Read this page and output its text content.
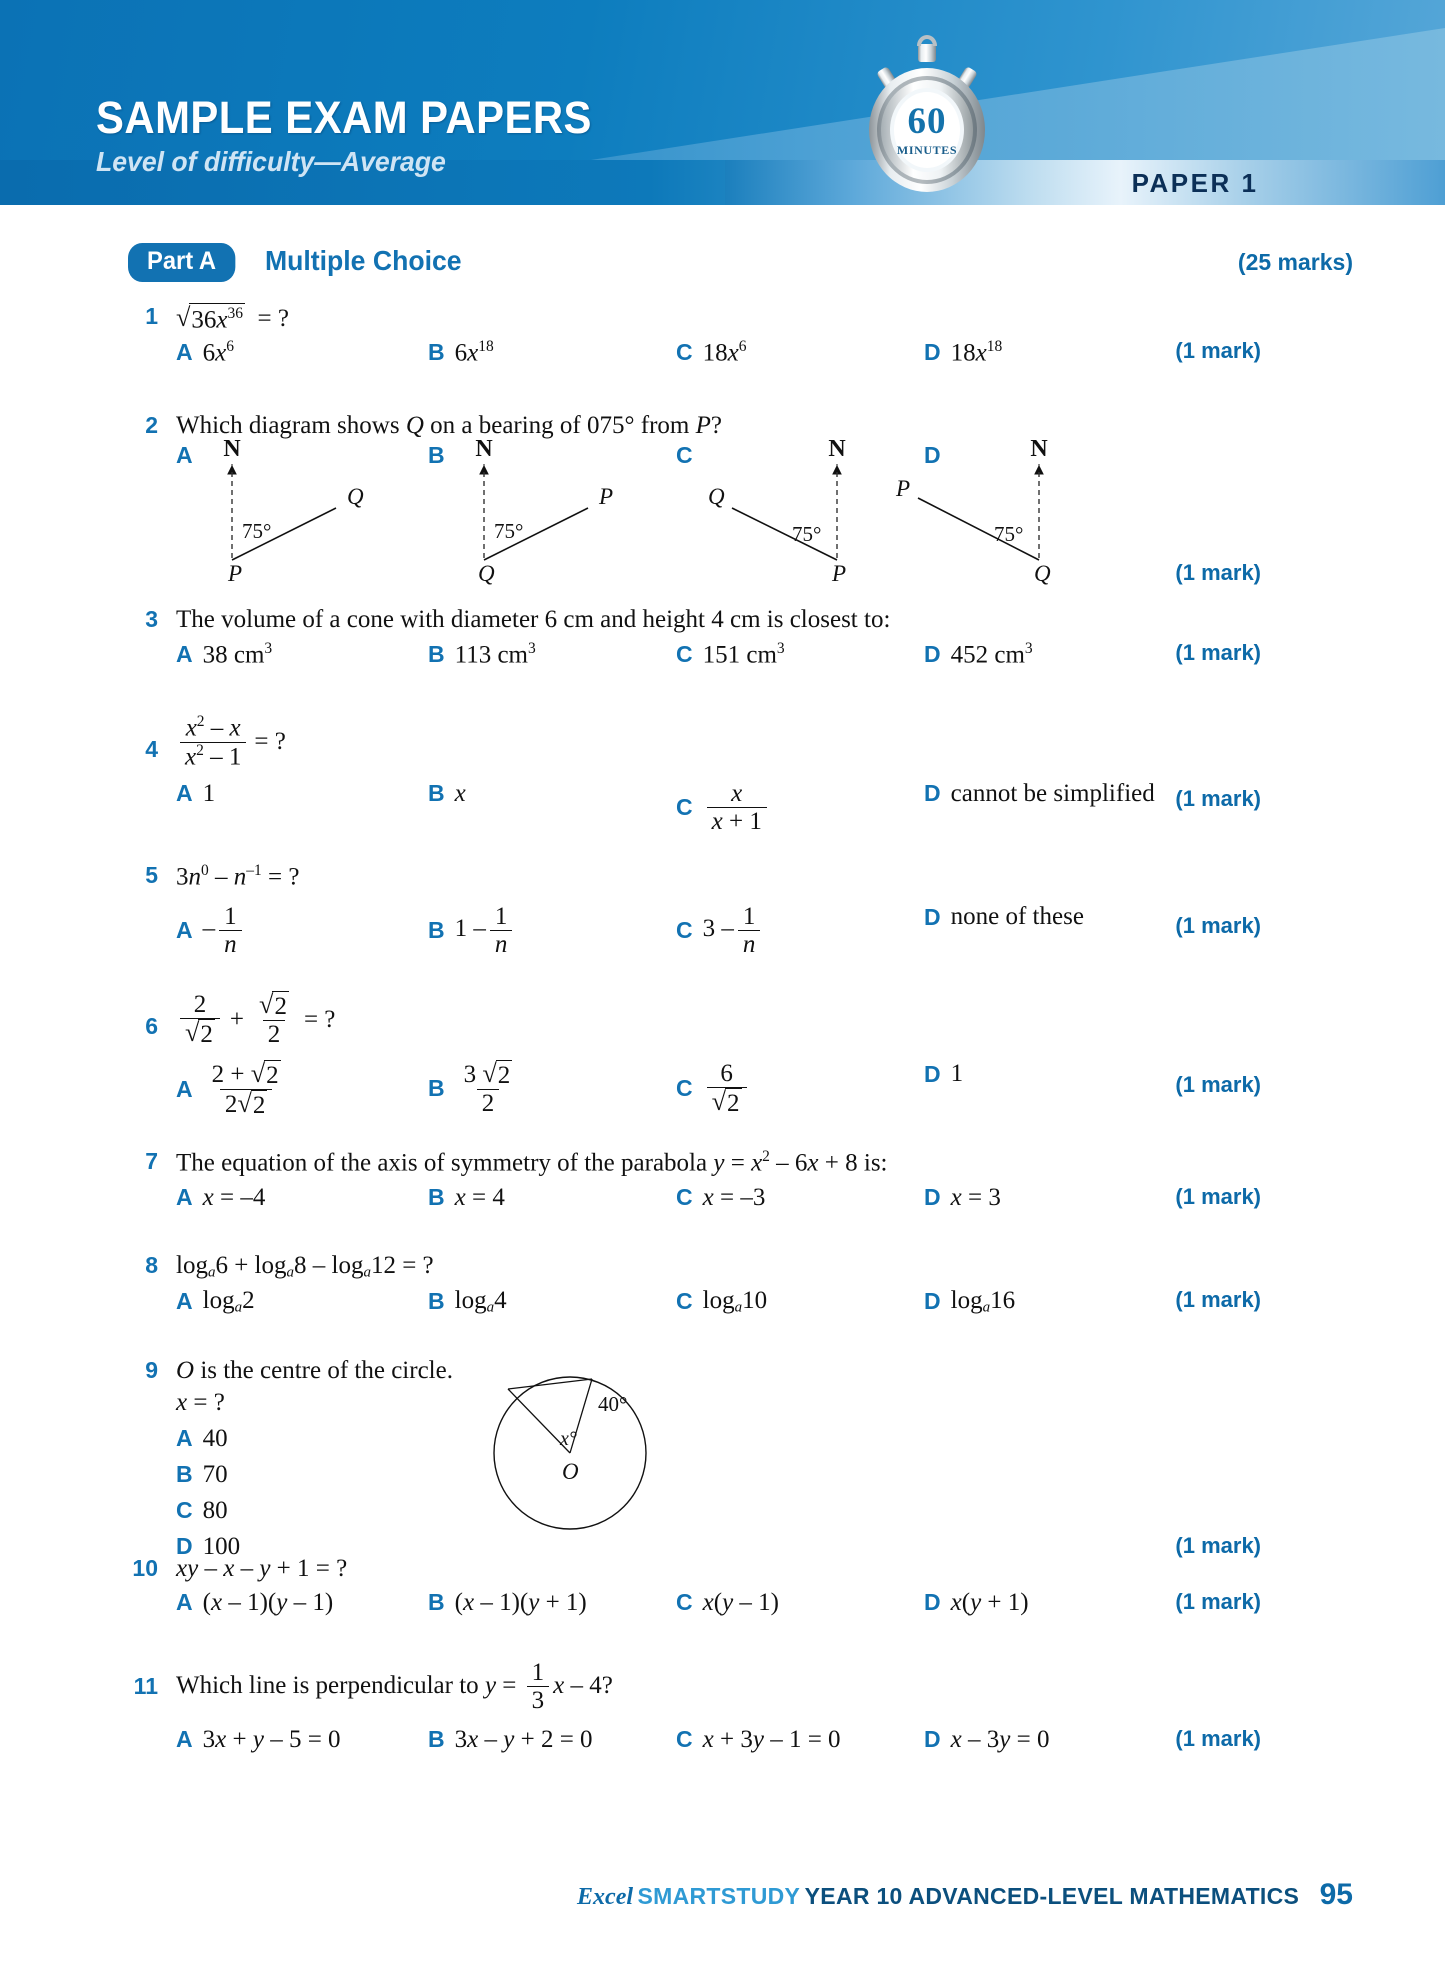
60
MINUTES
SAMPLE EXAM PAPERS
Level of difficulty—Average
PAPER 1
Part A	Multiple Choice	(25 marks)
1 √ $36x^{36}$ = ?
A $6x^6$	B $6x^{18}$	C $18x^6$	D $18x^{18}$	(1 mark)
2 Which diagram shows Q on a bearing of 075° from P?
A N
75°
Q
P
B N
75°
P
Q
C	N
75°
Q
P
D	N
75°
P
Q	(1 mark)
3 The volume of a cone with diameter 6 cm and height 4 cm is closest to:
A 38 $cm^3$	B 113 $cm^3$	C 151 $cm^3$	D 452 $cm^3$	(1 mark)
$4 \frac{x^2 - x}{x^2 - 1}$ = ?
A 1	B x	C $\frac{x}{x + 1}$	D cannot be simplified (1 mark)
5 $3n^0 - n^{-1}$ = ?
A – $\frac{1}{n}$	B $1 - \frac{1}{n}$	C $3 - \frac{1}{n}$	D none of these	(1 mark)
$6 \frac{2}{√ 2} + \frac{√ 2}{2}$ = ?
A $\frac{2 + √ 2}{2 √ 2}$	B $\frac{3 √ 2}{2}$	C $\frac{6}{√ 2}$	D 1	(1 mark)
7 The equation of the axis of symmetry of the parabola $y = x^2 - 6x + 8$ is:
A x = –4	B x = 4	C x = –3	D x = 3	(1 mark)
8 $\log_a6 + \log_a8 - \log_a12$ = ?
A $\log_a2$	B $\log_a4$	C $\log_a10$	D $\log_a16$	(1 mark)
9 O is the centre of the circle.
x = ?
A 40
B 70
C 80
D 100
40°
x°
O
(1 mark)
10 xy – x – y + 1 = ?
A (x – 1)(y – 1)	B (x – 1)(y + 1)	C x(y – 1)	D x(y + 1)	(1 mark)
11 Which line is perpendicular to $y = \frac{1}{3}$ x – 4?
A 3x + y – 5 = 0	B 3x – y + 2 = 0	C x + 3y – 1 = 0	D x – 3y = 0	(1 mark)
Excel SMARTSTUDY YEAR 10 ADVANCED-LEVEL MATHEMATICS 95
